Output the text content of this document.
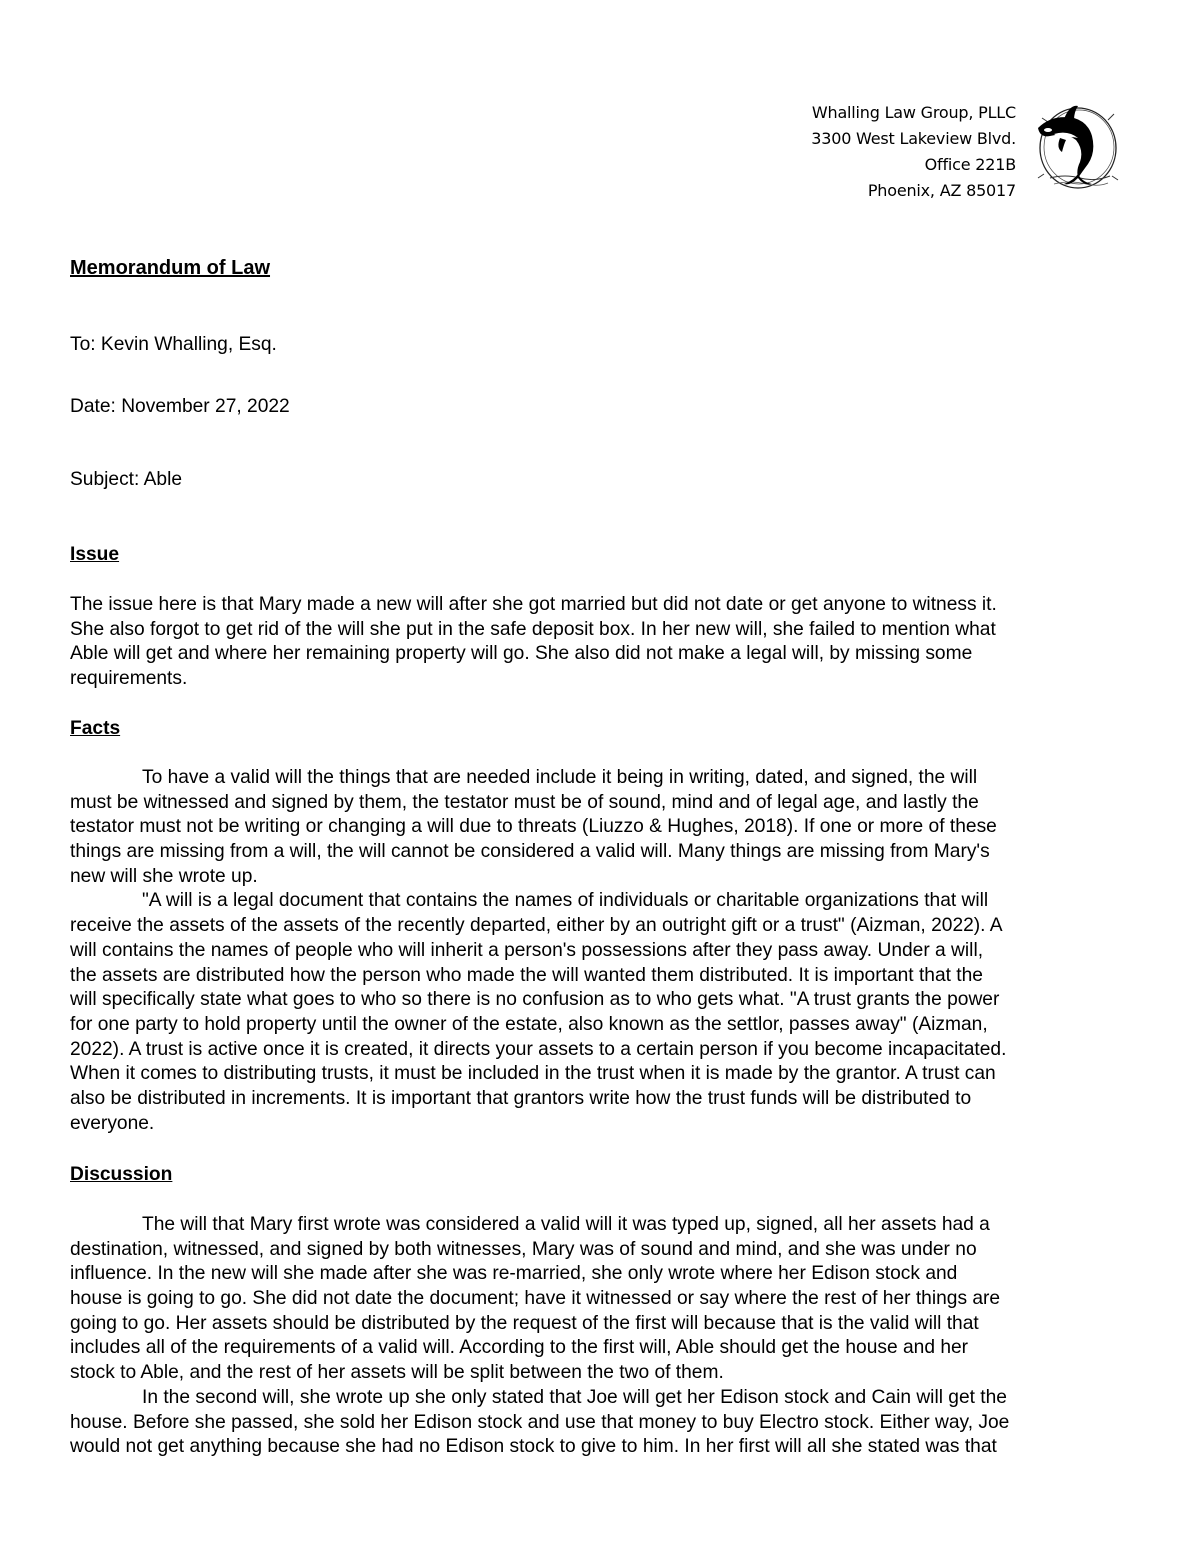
Whalling Law Group, PLLC
3300 West Lakeview Blvd.
Office 221B
Phoenix, AZ 85017
Memorandum of Law
To: Kevin Whalling, Esq.
Date: November 27, 2022
Subject: Able
Issue
The issue here is that Mary made a new will after she got married but did not date or get anyone to witness it.
She also forgot to get rid of the will she put in the safe deposit box. In her new will, she failed to mention what
Able will get and where her remaining property will go. She also did not make a legal will, by missing some
requirements.
Facts
To have a valid will the things that are needed include it being in writing, dated, and signed, the will
must be witnessed and signed by them, the testator must be of sound, mind and of legal age, and lastly the
testator must not be writing or changing a will due to threats (Liuzzo & Hughes, 2018). If one or more of these
things are missing from a will, the will cannot be considered a valid will. Many things are missing from Mary's
new will she wrote up.
"A will is a legal document that contains the names of individuals or charitable organizations that will
receive the assets of the assets of the recently departed, either by an outright gift or a trust" (Aizman, 2022). A
will contains the names of people who will inherit a person's possessions after they pass away. Under a will,
the assets are distributed how the person who made the will wanted them distributed. It is important that the
will specifically state what goes to who so there is no confusion as to who gets what. "A trust grants the power
for one party to hold property until the owner of the estate, also known as the settlor, passes away" (Aizman,
2022). A trust is active once it is created, it directs your assets to a certain person if you become incapacitated.
When it comes to distributing trusts, it must be included in the trust when it is made by the grantor. A trust can
also be distributed in increments. It is important that grantors write how the trust funds will be distributed to
everyone.
Discussion
The will that Mary first wrote was considered a valid will it was typed up, signed, all her assets had a
destination, witnessed, and signed by both witnesses, Mary was of sound and mind, and she was under no
influence. In the new will she made after she was re-married, she only wrote where her Edison stock and
house is going to go. She did not date the document; have it witnessed or say where the rest of her things are
going to go. Her assets should be distributed by the request of the first will because that is the valid will that
includes all of the requirements of a valid will. According to the first will, Able should get the house and her
stock to Able, and the rest of her assets will be split between the two of them.
In the second will, she wrote up she only stated that Joe will get her Edison stock and Cain will get the
house. Before she passed, she sold her Edison stock and use that money to buy Electro stock. Either way, Joe
would not get anything because she had no Edison stock to give to him. In her first will all she stated was that
